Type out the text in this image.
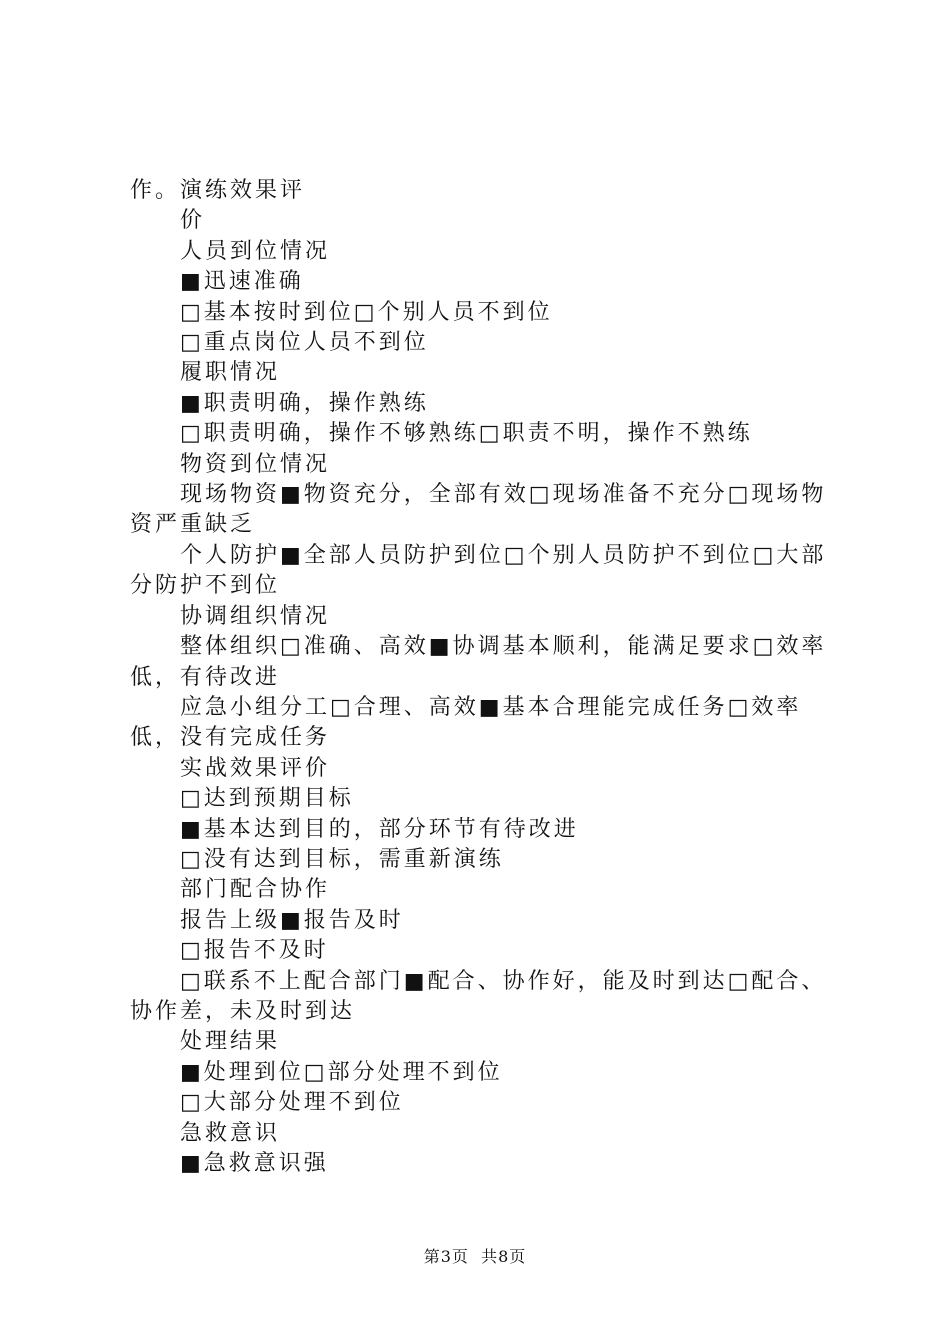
作。演练效果评

价

人员到位情况

■迅速准确

□基本按时到位□个别人员不到位

□重点岗位人员不到位

履职情况

■职责明确，操作熟练

□职责明确，操作不够熟练□职责不明，操作不熟练

物资到位情况

现场物资■物资充分，全部有效□现场准备不充分□现场物资严重缺乏

个人防护■全部人员防护到位□个别人员防护不到位□大部分防护不到位

协调组织情况

整体组织□准确、高效■协调基本顺利，能满足要求□效率低，有待改进

应急小组分工□合理、高效■基本合理能完成任务□效率低，没有完成任务

实战效果评价

□达到预期目标

■基本达到目的，部分环节有待改进

□没有达到目标，需重新演练

部门配合协作

报告上级■报告及时

□报告不及时

□联系不上配合部门■配合、协作好，能及时到达□配合、协作差，未及时到达

处理结果

■处理到位□部分处理不到位

□大部分处理不到位

急救意识

■急救意识强

第3页  共8页
